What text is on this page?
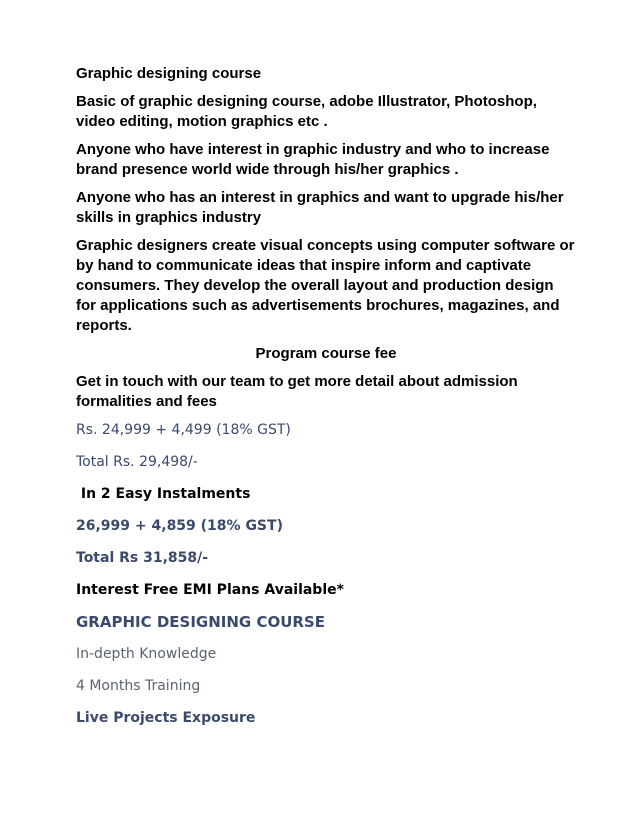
Graphic designing course

Basic of graphic designing course, adobe Illustrator, Photoshop, video editing, motion graphics etc .

Anyone who have interest in graphic industry and who to increase brand presence world wide through his/her graphics .

Anyone who has an interest in graphics and want to upgrade his/her skills in graphics industry

Graphic designers create visual concepts using computer software or by hand to communicate ideas that inspire inform and captivate consumers. They develop the overall layout and production design for applications such as advertisements brochures, magazines, and reports.

Program course fee

Get in touch with our team to get more detail about admission formalities and fees

Rs. 24,999 + 4,499 (18% GST)

Total Rs. 29,498/-

In 2 Easy Instalments

26,999 + 4,859 (18% GST)

Total Rs 31,858/-

Interest Free EMI Plans Available*

GRAPHIC DESIGNING COURSE

In-depth Knowledge

4 Months Training

Live Projects Exposure
